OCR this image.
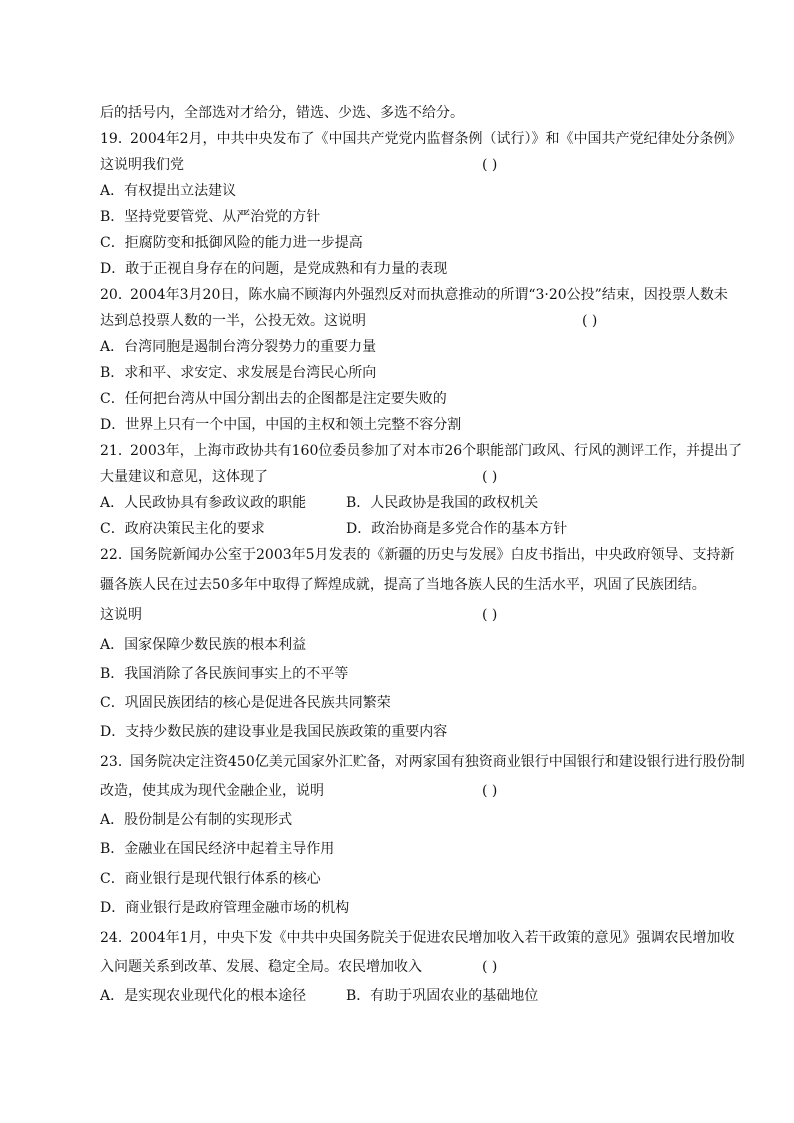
后的括号内，全部选对才给分，错选、少选、多选不给分。
19．2004年2月，中共中央发布了《中国共产党党内监督条例（试行）》和《中国共产党纪律处分条例》
这说明我们党	( )
A．有权提出立法建议
B．坚持党要管党、从严治党的方针
C．拒腐防变和抵御风险的能力进一步提高
D．敢于正视自身存在的问题，是党成熟和有力量的表现
20．2004年3月20日，陈水扁不顾海内外强烈反对而执意推动的所谓“3·20公投”结束，因投票人数未
达到总投票人数的一半，公投无效。这说明	( )
A．台湾同胞是遏制台湾分裂势力的重要力量
B．求和平、求安定、求发展是台湾民心所向
C．任何把台湾从中国分割出去的企图都是注定要失败的
D．世界上只有一个中国，中国的主权和领土完整不容分割
21．2003年，上海市政协共有160位委员参加了对本市26个职能部门政风、行风的测评工作，并提出了
大量建议和意见，这体现了	( )
A．人民政协具有参政议政的职能	B．人民政协是我国的政权机关
C．政府决策民主化的要求	D．政治协商是多党合作的基本方针
22．国务院新闻办公室于2003年5月发表的《新疆的历史与发展》白皮书指出，中央政府领导、支持新
疆各族人民在过去50多年中取得了辉煌成就，提高了当地各族人民的生活水平，巩固了民族团结。
这说明	( )
A．国家保障少数民族的根本利益
B．我国消除了各民族间事实上的不平等
C．巩固民族团结的核心是促进各民族共同繁荣
D．支持少数民族的建设事业是我国民族政策的重要内容
23．国务院决定注资450亿美元国家外汇贮备，对两家国有独资商业银行中国银行和建设银行进行股份制
改造，使其成为现代金融企业，说明	( )
A．股份制是公有制的实现形式
B．金融业在国民经济中起着主导作用
C．商业银行是现代银行体系的核心
D．商业银行是政府管理金融市场的机构
24．2004年1月，中央下发《中共中央国务院关于促进农民增加收入若干政策的意见》强调农民增加收
入问题关系到改革、发展、稳定全局。农民增加收入	( )
A．是实现农业现代化的根本途径	B．有助于巩固农业的基础地位
